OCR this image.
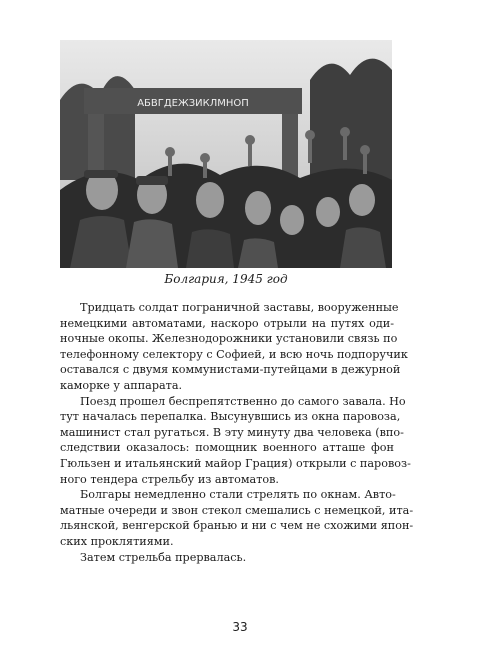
АБВГДЕЖЗИКЛМНОП
Болгария, 1945 год

Тридцать солдат пограничной заставы, вооруженные
немецкими автоматами, наскоро отрыли на путях оди-
ночные окопы. Железнодорожники установили связь по
телефонному селектору с Софией, и всю ночь подпоручик
оставался с двумя коммунистами-путейцами в дежурной
каморке у аппарата.

Поезд прошел беспрепятственно до самого завала. Но
тут началась перепалка. Высунувшись из окна паровоза,
машинист стал ругаться. В эту минуту два человека (впо-
следствии оказалось: помощник военного атташе фон
Гюльзен и итальянский майор Грация) открыли с паровоз-
ного тендера стрельбу из автоматов.

Болгары немедленно стали стрелять по окнам. Авто-
матные очереди и звон стекол смешались с немецкой, ита-
льянской, венгерской бранью и ни с чем не схожими япон-
ских проклятиями.

Затем стрельба прервалась.

33
